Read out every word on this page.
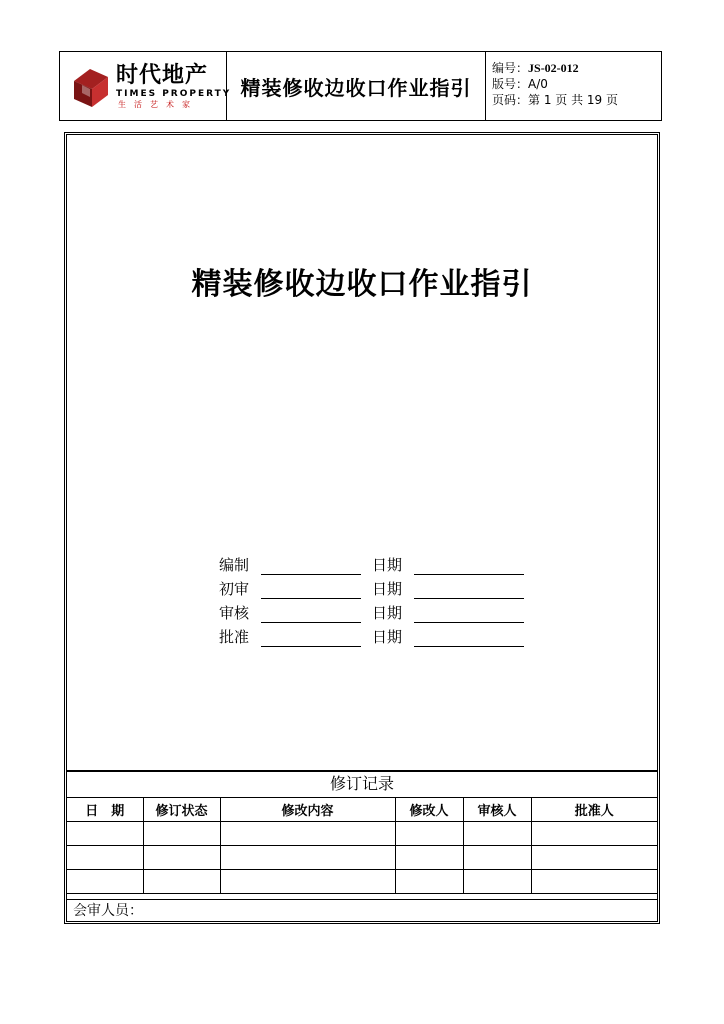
时代地产
TIMES PROPERTY
生活艺术家
精装修收边收口作业指引
编号：JS-02-012
版号：A/0
页码：第 1 页 共 19 页
精装修收边收口作业指引
编制	日期
初审	日期
审核	日期
批准	日期
修订记录
日　期	修订状态	修改内容	修改人	审核人	批准人

会审人员：
